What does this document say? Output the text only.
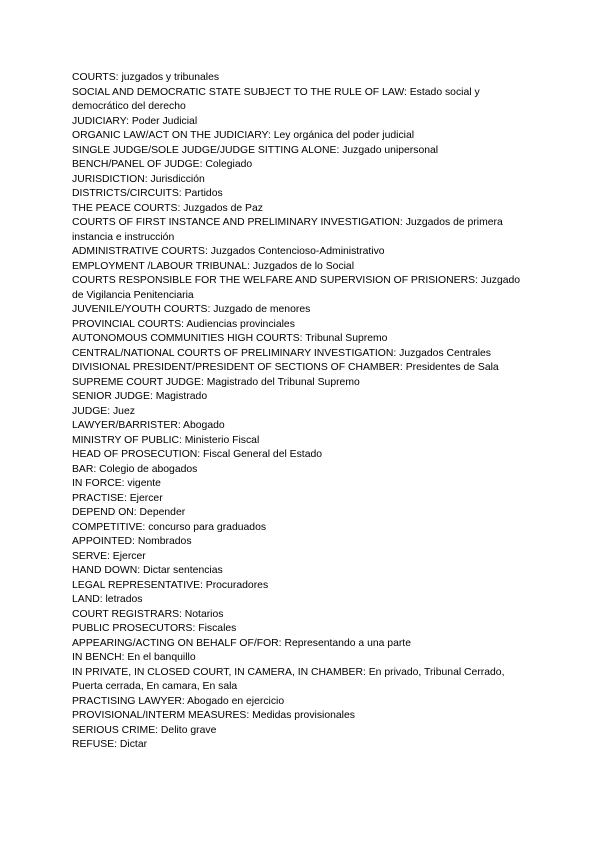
COURTS: juzgados y tribunales

SOCIAL AND DEMOCRATIC STATE SUBJECT TO THE RULE OF LAW: Estado social y democrático del derecho

JUDICIARY: Poder Judicial

ORGANIC LAW/ACT ON THE JUDICIARY: Ley orgánica del poder judicial

SINGLE JUDGE/SOLE JUDGE/JUDGE SITTING ALONE: Juzgado unipersonal

BENCH/PANEL OF JUDGE: Colegiado

JURISDICTION: Jurisdicción

DISTRICTS/CIRCUITS: Partidos

THE PEACE COURTS: Juzgados de Paz

COURTS OF FIRST INSTANCE AND PRELIMINARY INVESTIGATION: Juzgados de primera instancia e instrucción

ADMINISTRATIVE COURTS: Juzgados Contencioso-Administrativo

EMPLOYMENT /LABOUR TRIBUNAL: Juzgados de lo Social

COURTS RESPONSIBLE FOR THE WELFARE AND SUPERVISION OF PRISIONERS: Juzgado de Vigilancia Penitenciaria

JUVENILE/YOUTH COURTS: Juzgado de menores

PROVINCIAL COURTS: Audiencias provinciales

AUTONOMOUS COMMUNITIES HIGH COURTS: Tribunal Supremo

CENTRAL/NATIONAL COURTS OF PRELIMINARY INVESTIGATION: Juzgados Centrales

DIVISIONAL PRESIDENT/PRESIDENT OF SECTIONS OF CHAMBER: Presidentes de Sala

SUPREME COURT JUDGE: Magistrado del Tribunal Supremo

SENIOR JUDGE: Magistrado

JUDGE: Juez

LAWYER/BARRISTER: Abogado

MINISTRY OF PUBLIC: Ministerio Fiscal

HEAD OF PROSECUTION: Fiscal General del Estado

BAR: Colegio de abogados

IN FORCE: vigente

PRACTISE: Ejercer

DEPEND ON: Depender

COMPETITIVE: concurso para graduados

APPOINTED: Nombrados

SERVE: Ejercer

HAND DOWN: Dictar sentencias

LEGAL REPRESENTATIVE: Procuradores

LAND: letrados

COURT REGISTRARS: Notarios

PUBLIC PROSECUTORS: Fiscales

APPEARING/ACTING ON BEHALF OF/FOR: Representando a una parte

IN BENCH: En el banquillo

IN PRIVATE, IN CLOSED COURT, IN CAMERA, IN CHAMBER: En privado, Tribunal Cerrado, Puerta cerrada, En camara, En sala

PRACTISING LAWYER: Abogado en ejercicio

PROVISIONAL/INTERM MEASURES: Medidas provisionales

SERIOUS CRIME: Delito grave

REFUSE: Dictar
